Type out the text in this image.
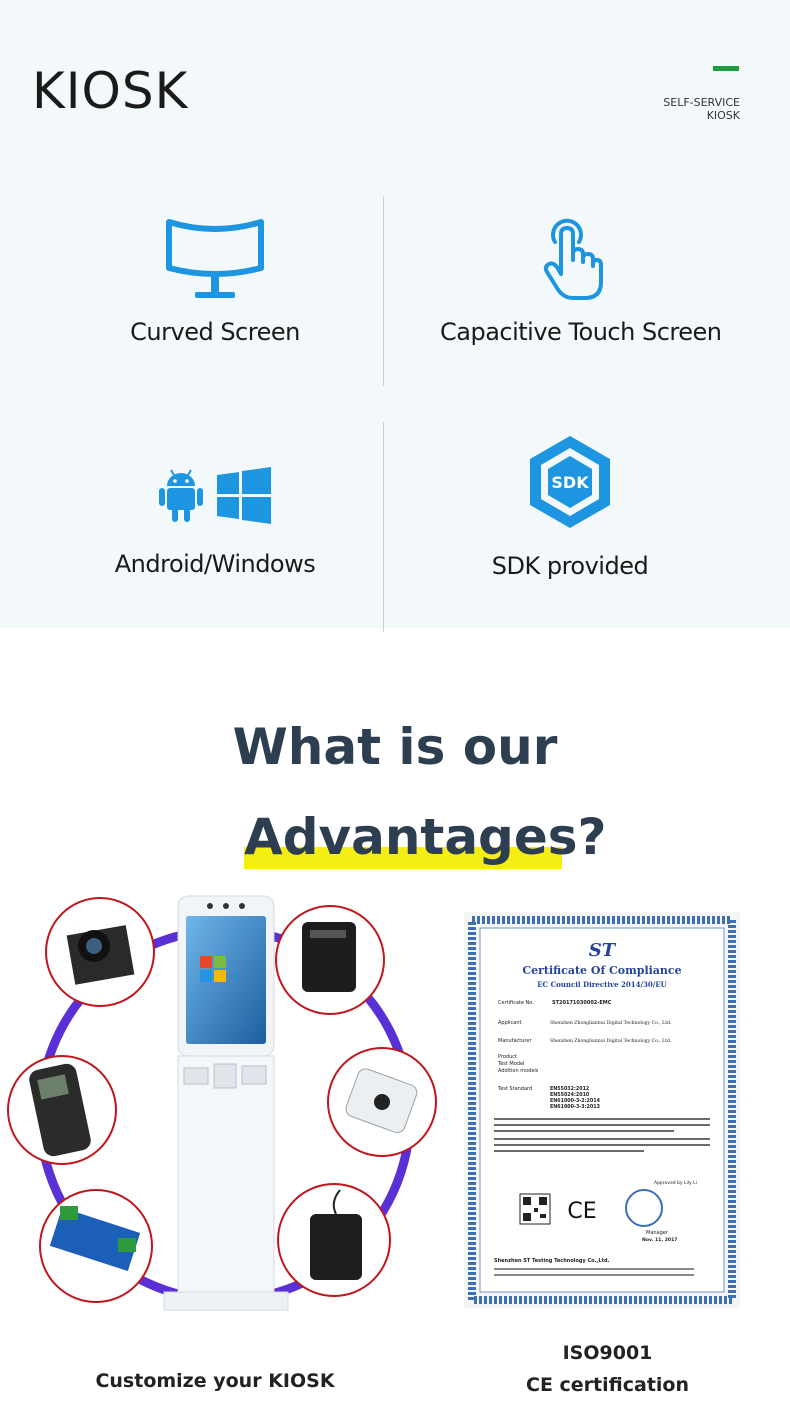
KIOSK	SELF-SERVICE
KIOSK
Curved Screen	Capacitive Touch Screen
Android/Windows
SDK
SDK provided
What is our
Advantages?
ST
Certificate Of Compliance
EC Council Directive 2014/30/EU
Certificate No.	ST20171030002-EMC
Applicant	Shenzhen Zhongliannui Digital Technology Co., Ltd.
Manufacturer	Shenzhen Zhongliannui Digital Technology Co., Ltd.
Product
Test Model
Addition models
Test Standard	EN55032:2012
EN55024:2010
EN61000-3-2:2014
EN61000-3-3:2013
CE
Approved by Lily Li
Manager
Nov. 11, 2017
Shenzhen ST Testing Technology Co.,Ltd.
Customize your KIOSK
ISO9001
CE certification
